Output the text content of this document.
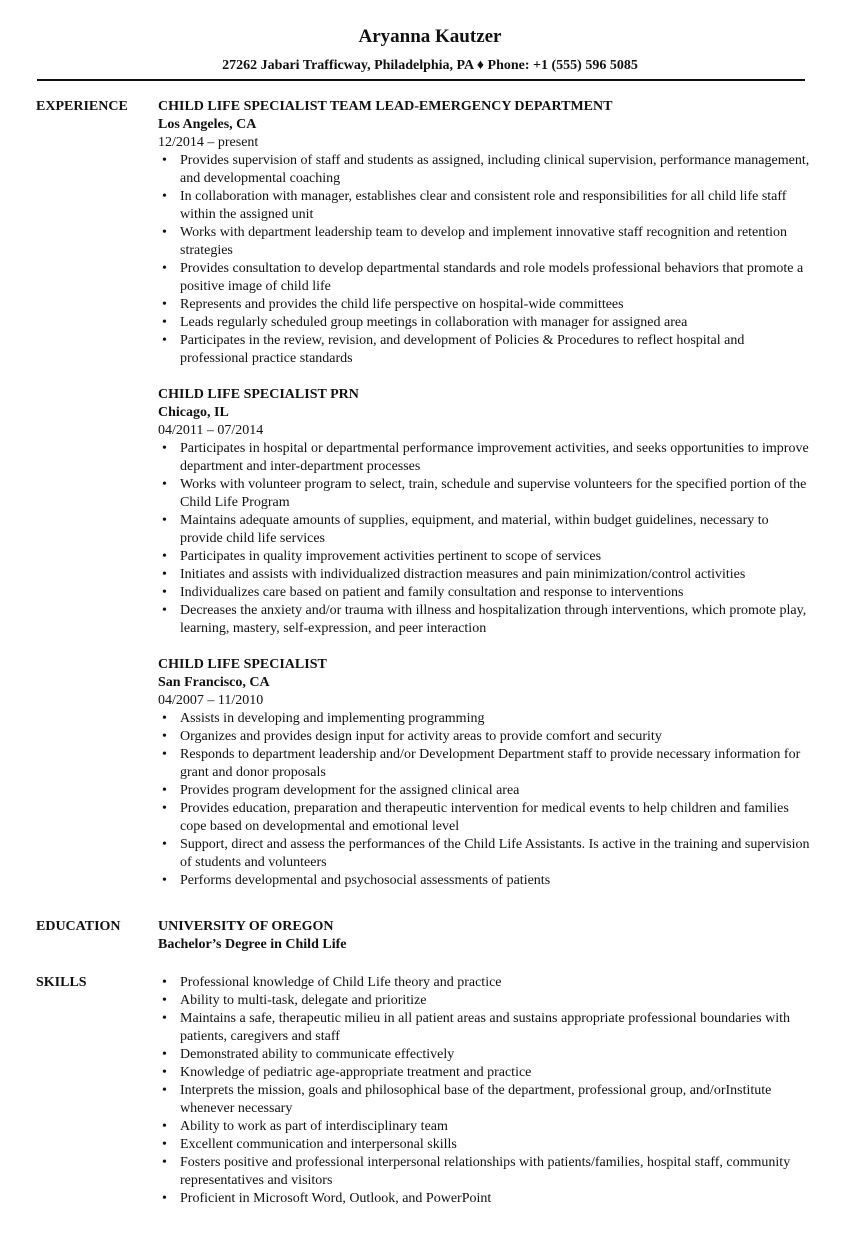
Aryanna Kautzer
27262 Jabari Trafficway, Philadelphia, PA ♦ Phone: +1 (555) 596 5085
EXPERIENCE	CHILD LIFE SPECIALIST TEAM LEAD-EMERGENCY DEPARTMENT
Los Angeles, CA
12/2014 – present
• Provides supervision of staff and students as assigned, including clinical supervision, performance management, and developmental coaching
• In collaboration with manager, establishes clear and consistent role and responsibilities for all child life staff within the assigned unit
• Works with department leadership team to develop and implement innovative staff recognition and retention strategies
• Provides consultation to develop departmental standards and role models professional behaviors that promote a positive image of child life
• Represents and provides the child life perspective on hospital-wide committees
• Leads regularly scheduled group meetings in collaboration with manager for assigned area
• Participates in the review, revision, and development of Policies & Procedures to reflect hospital and professional practice standards
CHILD LIFE SPECIALIST PRN
Chicago, IL
04/2011 – 07/2014
• Participates in hospital or departmental performance improvement activities, and seeks opportunities to improve department and inter-department processes
• Works with volunteer program to select, train, schedule and supervise volunteers for the specified portion of the Child Life Program
• Maintains adequate amounts of supplies, equipment, and material, within budget guidelines, necessary to provide child life services
• Participates in quality improvement activities pertinent to scope of services
• Initiates and assists with individualized distraction measures and pain minimization/control activities
• Individualizes care based on patient and family consultation and response to interventions
• Decreases the anxiety and/or trauma with illness and hospitalization through interventions, which promote play, learning, mastery, self-expression, and peer interaction
CHILD LIFE SPECIALIST
San Francisco, CA
04/2007 – 11/2010
• Assists in developing and implementing programming
• Organizes and provides design input for activity areas to provide comfort and security
• Responds to department leadership and/or Development Department staff to provide necessary information for grant and donor proposals
• Provides program development for the assigned clinical area
• Provides education, preparation and therapeutic intervention for medical events to help children and families cope based on developmental and emotional level
• Support, direct and assess the performances of the Child Life Assistants. Is active in the training and supervision of students and volunteers
• Performs developmental and psychosocial assessments of patients
EDUCATION	UNIVERSITY OF OREGON
Bachelor’s Degree in Child Life
SKILLS
•	Professional knowledge of Child Life theory and practice
• Ability to multi-task, delegate and prioritize
• Maintains a safe, therapeutic milieu in all patient areas and sustains appropriate professional boundaries with patients, caregivers and staff
• Demonstrated ability to communicate effectively
• Knowledge of pediatric age-appropriate treatment and practice
• Interprets the mission, goals and philosophical base of the department, professional group, and/orInstitute whenever necessary
• Ability to work as part of interdisciplinary team
• Excellent communication and interpersonal skills
• Fosters positive and professional interpersonal relationships with patients/families, hospital staff, community representatives and visitors
• Proficient in Microsoft Word, Outlook, and PowerPoint
